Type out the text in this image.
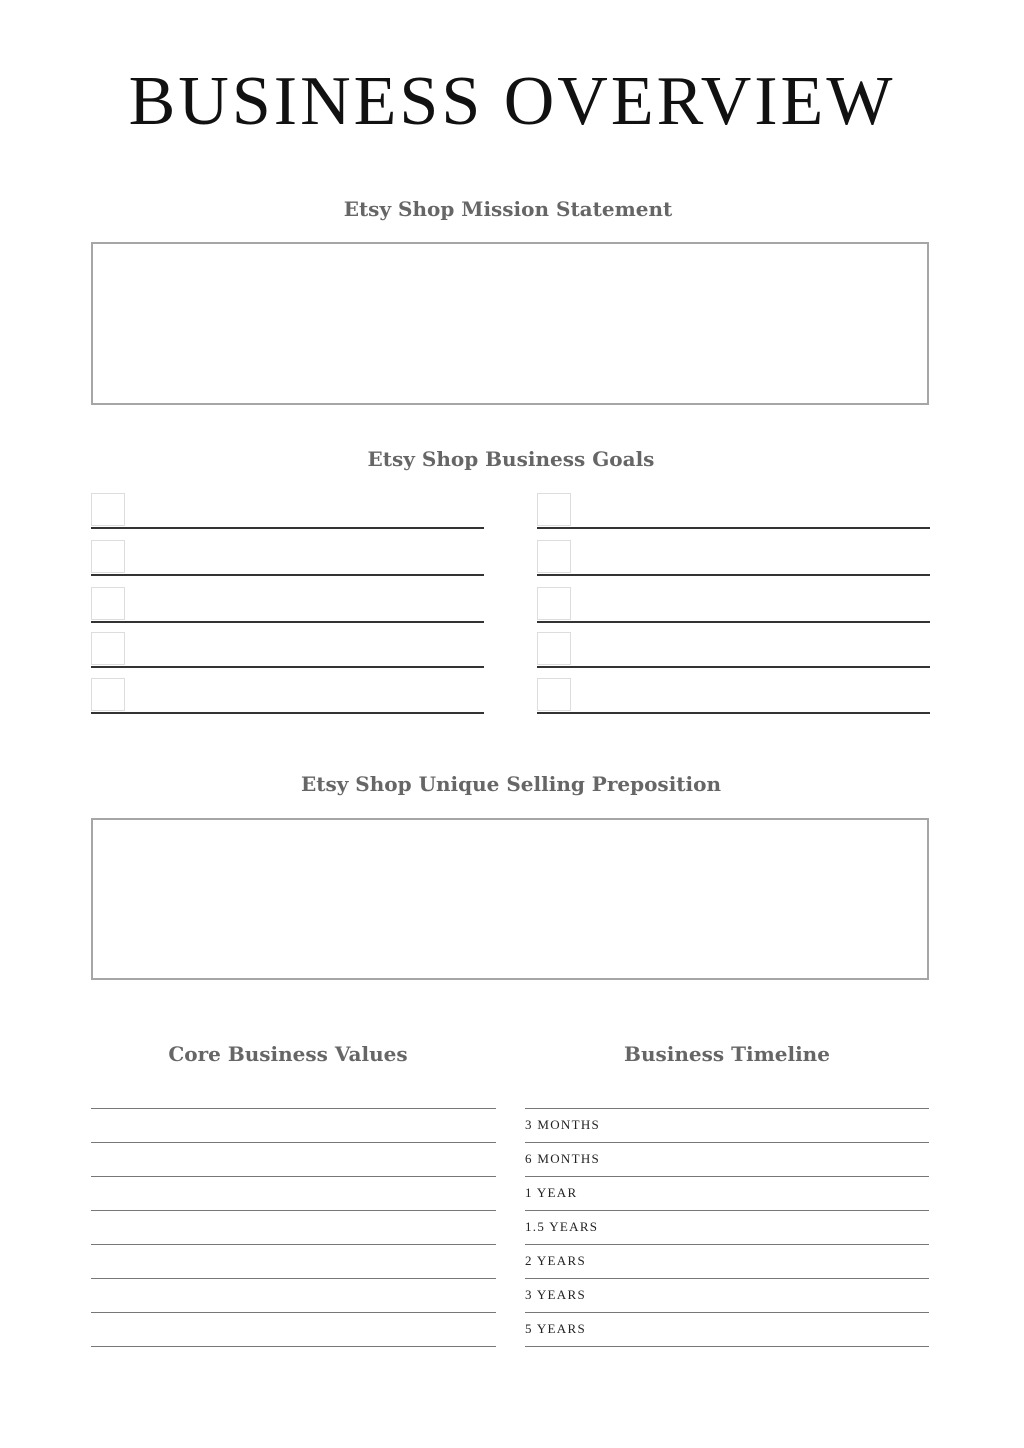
BUSINESS OVERVIEW
Etsy Shop Mission Statement
Etsy Shop Business Goals
Etsy Shop Unique Selling Preposition
Core Business Values	Business Timeline
3 MONTHS
6 MONTHS
1 YEAR
1.5 YEARS
2 YEARS
3 YEARS
5 YEARS
